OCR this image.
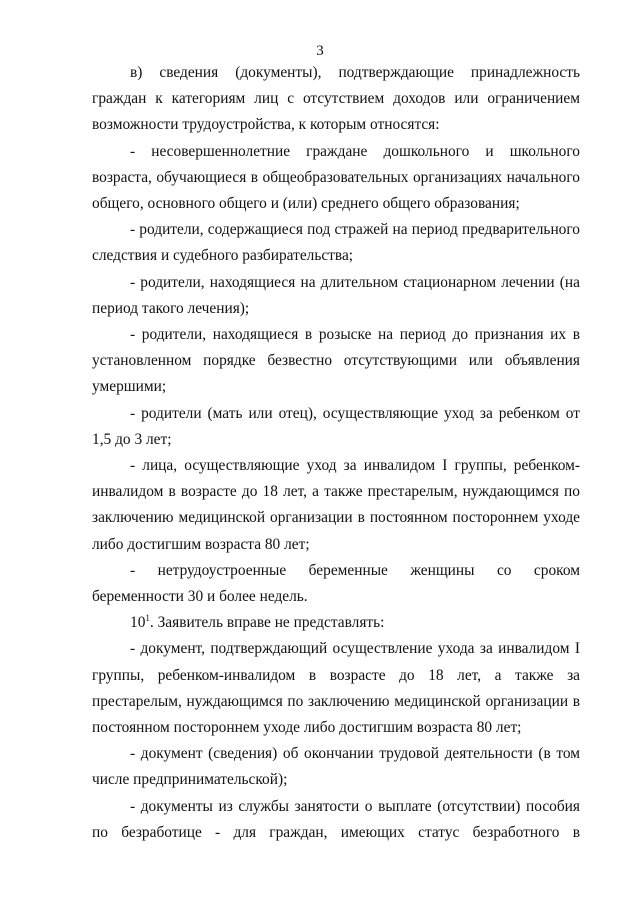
3

в) сведения (документы), подтверждающие принадлежность граждан к категориям лиц с отсутствием доходов или ограничением возможности трудоустройства, к которым относятся:

- несовершеннолетние граждане дошкольного и школьного возраста, обучающиеся в общеобразовательных организациях начального общего, основного общего и (или) среднего общего образования;

- родители, содержащиеся под стражей на период предварительного следствия и судебного разбирательства;

- родители, находящиеся на длительном стационарном лечении (на период такого лечения);

- родители, находящиеся в розыске на период до признания их в установленном порядке безвестно отсутствующими или объявления умершими;

- родители (мать или отец), осуществляющие уход за ребенком от 1,5 до 3 лет;

- лица, осуществляющие уход за инвалидом I группы, ребенком-инвалидом в возрасте до 18 лет, а также престарелым, нуждающимся по заключению медицинской организации в постоянном постороннем уходе либо достигшим возраста 80 лет;

- нетрудоустроенные беременные женщины со сроком беременности 30 и более недель.

$10^1$. Заявитель вправе не представлять:

- документ, подтверждающий осуществление ухода за инвалидом I группы, ребенком-инвалидом в возрасте до 18 лет, а также за престарелым, нуждающимся по заключению медицинской организации в постоянном постороннем уходе либо достигшим возраста 80 лет;

- документ (сведения) об окончании трудовой деятельности (в том числе предпринимательской);

- документы из службы занятости о выплате (отсутствии) пособия по безработице - для граждан, имеющих статус безработного в
